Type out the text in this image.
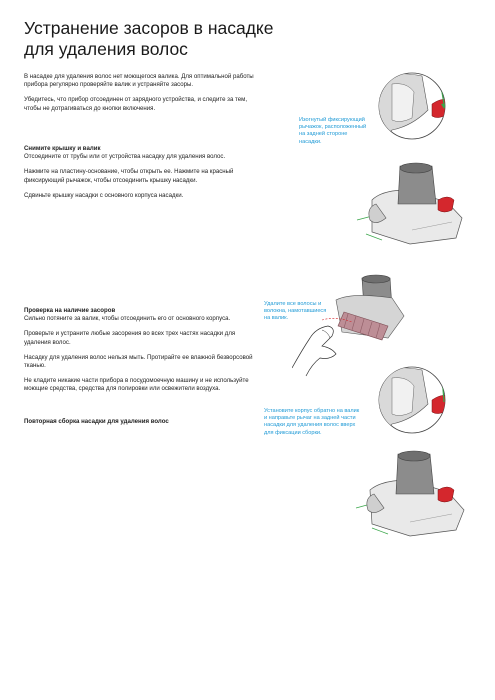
Устранение засоров в насадке
для удаления волос

В насадке для удаления волос нет моющегося валика. Для оптимальной работы прибора регулярно проверяйте валик и устраняйте засоры.

Убедитесь, что прибор отсоединен от зарядного устройства, и следите за тем, чтобы не дотрагиваться до кнопки включения.

Снимите крышку и валик

Отсоедините от трубы или от устройства насадку для удаления волос.

Нажмите на пластину-основание, чтобы открыть ее. Нажмите на красный фиксирующий рычажок, чтобы отсоединить крышку насадки.

Сдвиньте крышку насадки с основного корпуса насадки.

Проверка на наличие засоров

Сильно потяните за валик, чтобы отсоединить его от основного корпуса.

Проверьте и устраните любые засорения во всех трех частях насадки для удаления волос.

Насадку для удаления волос нельзя мыть. Протирайте ее влажной безворсовой тканью.

Не кладите никакие части прибора в посудомоечную машину и не используйте моющие средства, средства для полировки или освежители воздуха.

Повторная сборка насадки для удаления волос

Изогнутый фиксирующий
рычажок, расположенный
на задней стороне
насадки.
Удалите все волосы и
волокна, намотавшиеся
на валик.
Установите корпус обратно на валик
и направьте рычаг на задней части
насадки для удаления волос вверх
для фиксации сборки.
